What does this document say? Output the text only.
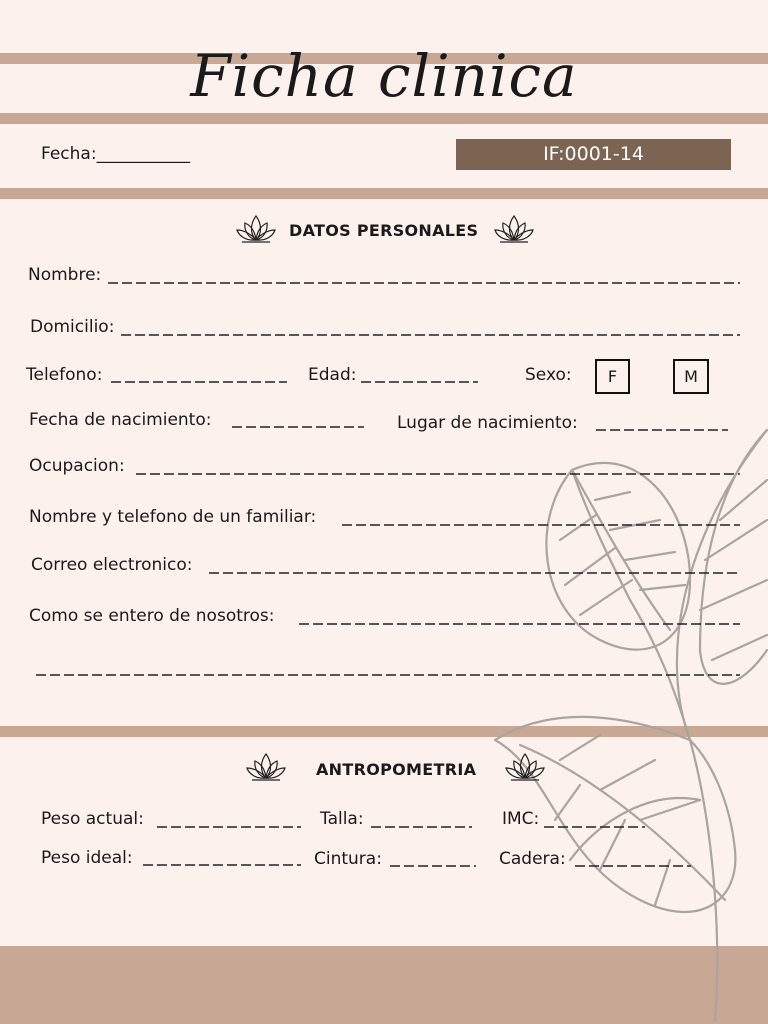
Ficha clinica
Fecha:___________	IF:0001-14
DATOS PERSONALES
Nombre:
Domicilio:
Telefono:	Edad:	Sexo:	F	M
Fecha de nacimiento:	Lugar de nacimiento:
Ocupacion:
Nombre y telefono de un familiar:
Correo electronico:
Como se entero de nosotros:
ANTROPOMETRIA
Peso actual:	Talla:	IMC:
Peso ideal:	Cintura:	Cadera:
